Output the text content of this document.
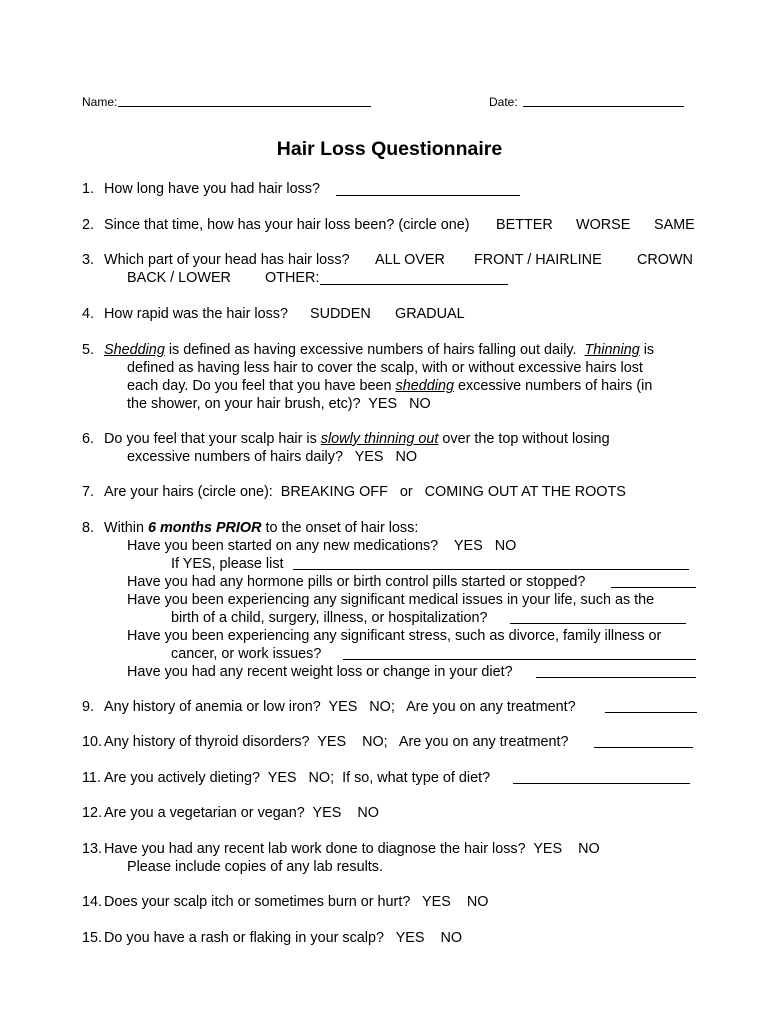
Name:	Date:
Hair Loss Questionnaire
1. How long have you had hair loss?
2. Since that time, how has your hair loss been? (circle one) BETTER WORSE SAME
3. Which part of your head has hair loss? ALL OVER FRONT / HAIRLINE CROWN
BACK / LOWER OTHER:
4. How rapid was the hair loss? SUDDEN GRADUAL
5. Shedding is defined as having excessive numbers of hairs falling out daily.  Thinning is
defined as having less hair to cover the scalp, with or without excessive hairs lost
each day. Do you feel that you have been shedding excessive numbers of hairs (in
the shower, on your hair brush, etc)?  YES   NO
6. Do you feel that your scalp hair is slowly thinning out over the top without losing
excessive numbers of hairs daily?   YES   NO
7. Are your hairs (circle one):  BREAKING OFF   or   COMING OUT AT THE ROOTS
8. Within 6 months PRIOR to the onset of hair loss:
Have you been started on any new medications?    YES   NO
If YES, please list
Have you had any hormone pills or birth control pills started or stopped?
Have you been experiencing any significant medical issues in your life, such as the
birth of a child, surgery, illness, or hospitalization?
Have you been experiencing any significant stress, such as divorce, family illness or
cancer, or work issues?
Have you had any recent weight loss or change in your diet?
9. Any history of anemia or low iron?  YES   NO;   Are you on any treatment?
10. Any history of thyroid disorders?  YES    NO;   Are you on any treatment?
11. Are you actively dieting?  YES   NO;  If so, what type of diet?
12. Are you a vegetarian or vegan?  YES    NO
13. Have you had any recent lab work done to diagnose the hair loss?  YES    NO
Please include copies of any lab results.
14. Does your scalp itch or sometimes burn or hurt?   YES    NO
15. Do you have a rash or flaking in your scalp?   YES    NO
